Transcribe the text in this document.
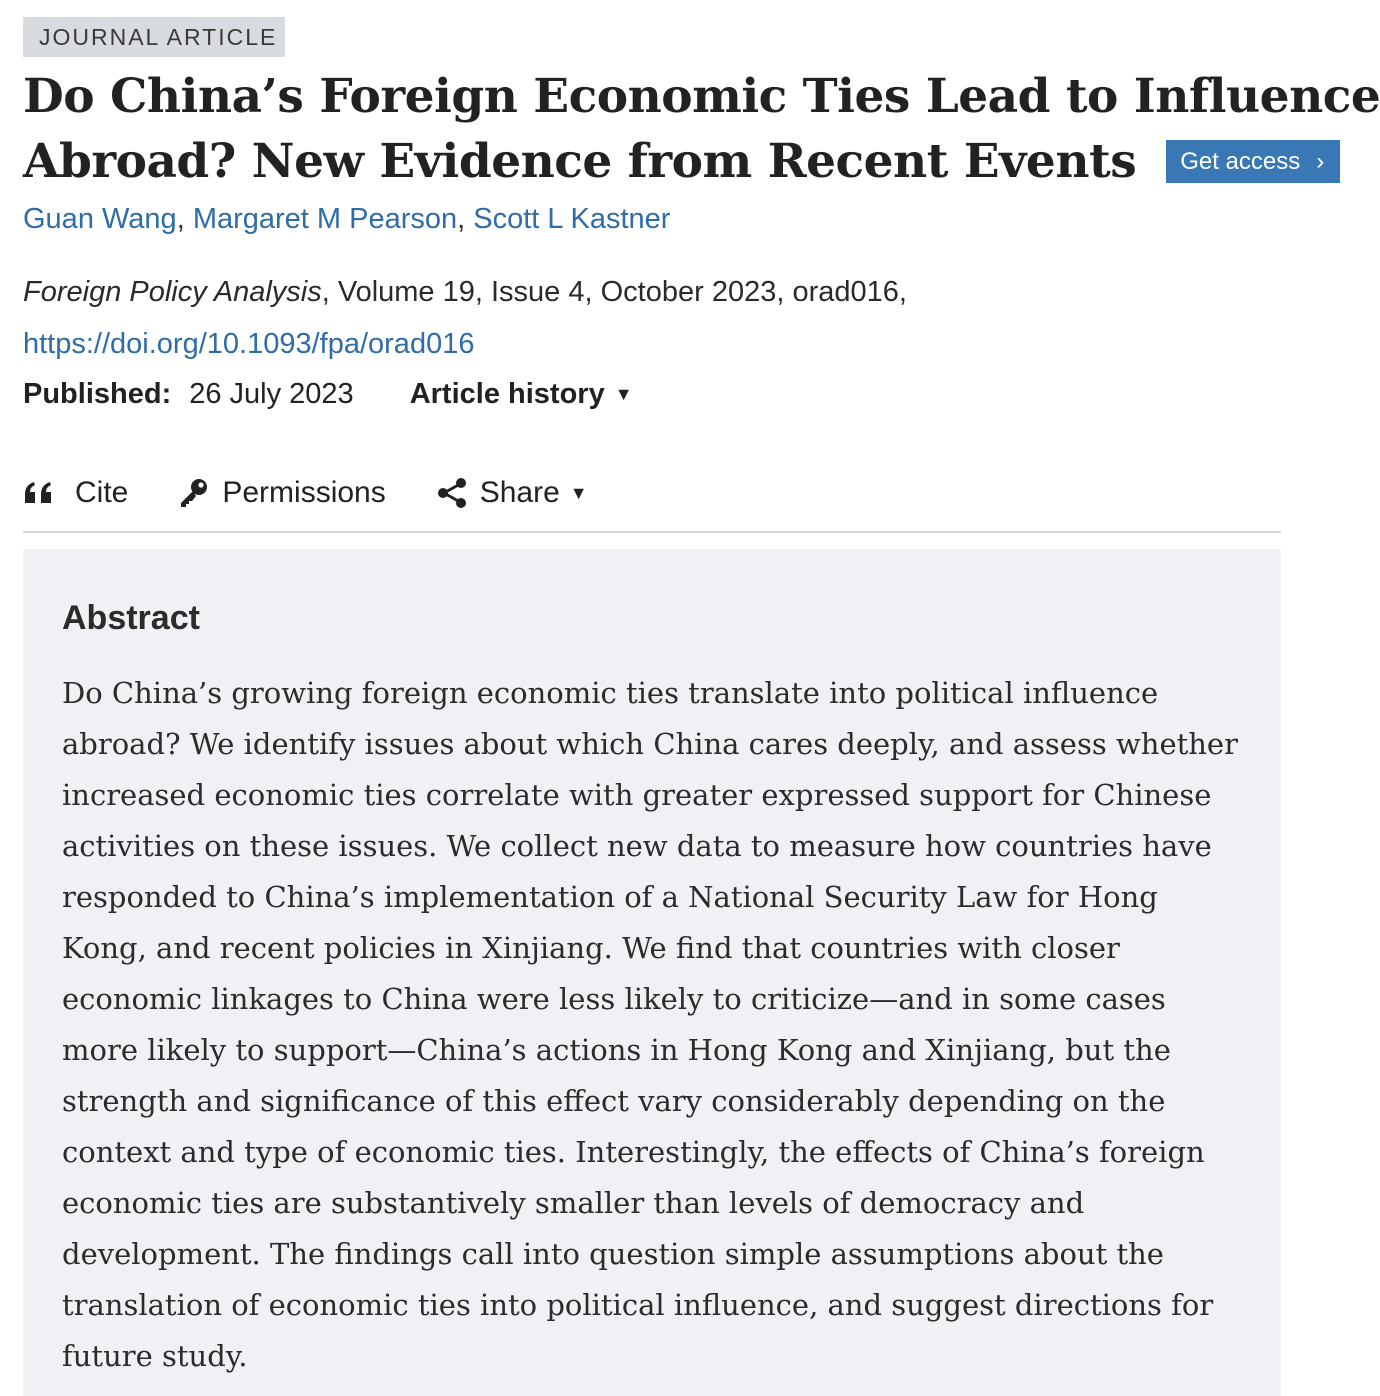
JOURNAL ARTICLE
Do China’s Foreign Economic Ties Lead to Influence
Abroad? New Evidence from Recent Events Get access ›
Guan Wang, Margaret M Pearson, Scott L Kastner
Foreign Policy Analysis, Volume 19, Issue 4, October 2023, orad016,
https://doi.org/10.1093/fpa/orad016
Published: 26 July 2023 Article history ▼
Cite	Permissions	Share ▼
Abstract

Do China’s growing foreign economic ties translate into political influence
abroad? We identify issues about which China cares deeply, and assess whether
increased economic ties correlate with greater expressed support for Chinese
activities on these issues. We collect new data to measure how countries have
responded to China’s implementation of a National Security Law for Hong
Kong, and recent policies in Xinjiang. We find that countries with closer
economic linkages to China were less likely to criticize—and in some cases
more likely to support—China’s actions in Hong Kong and Xinjiang, but the
strength and significance of this effect vary considerably depending on the
context and type of economic ties. Interestingly, the effects of China’s foreign
economic ties are substantively smaller than levels of democracy and
development. The findings call into question simple assumptions about the
translation of economic ties into political influence, and suggest directions for
future study.
